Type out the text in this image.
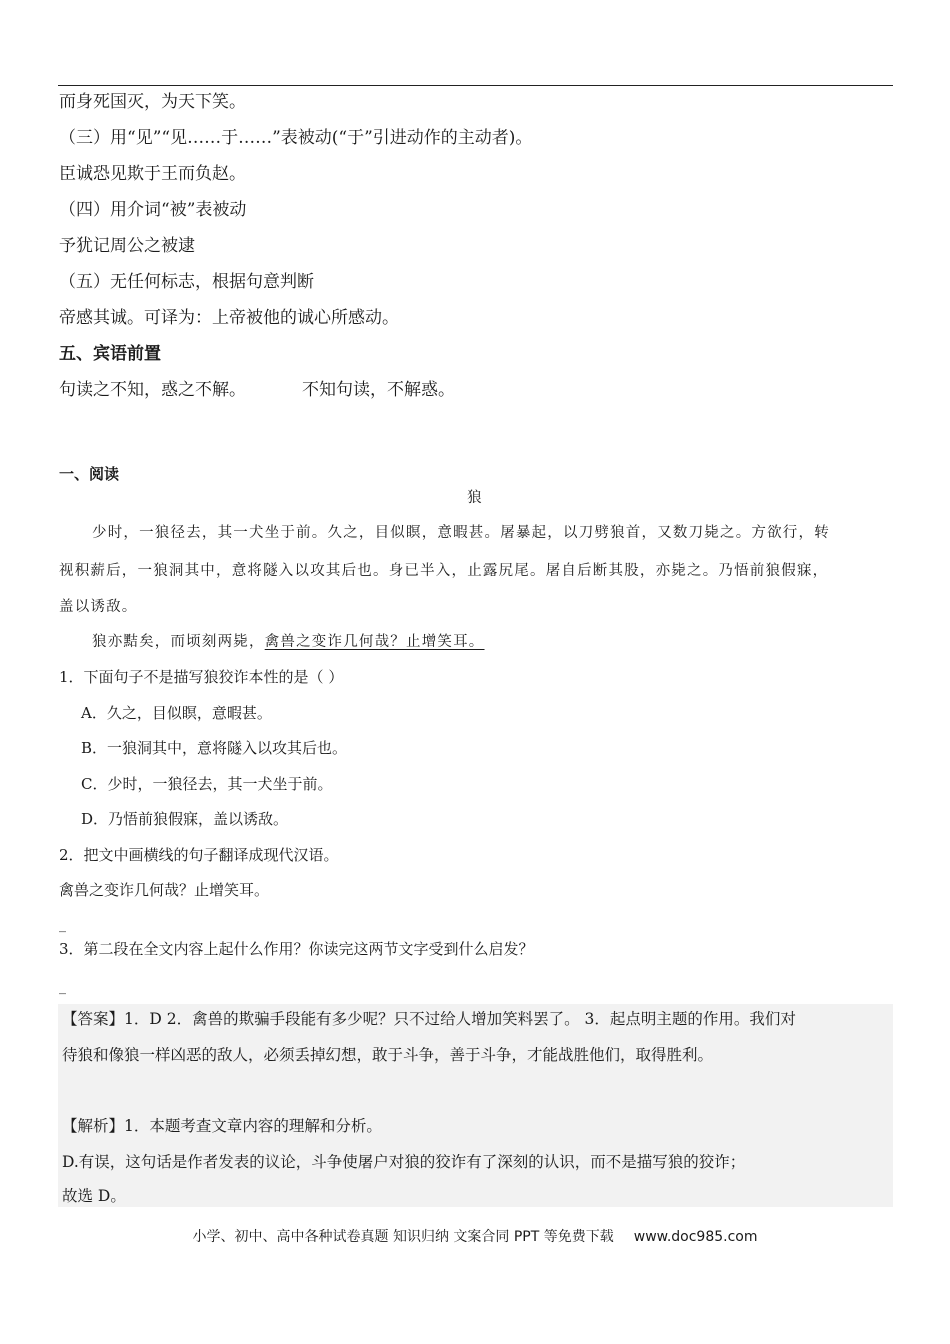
而身死国灭，为天下笑。
（三）用“见”“见……于……”表被动(“于”引进动作的主动者)。
臣诚恐见欺于王而负赵。
（四）用介词“被”表被动
予犹记周公之被逮
（五）无任何标志，根据句意判断
帝感其诚。可译为：上帝被他的诚心所感动。
五、宾语前置
句读之不知，惑之不解。	不知句读，不解惑。
一、阅读
狼
少时，一狼径去，其一犬坐于前。久之，目似瞑，意暇甚。屠暴起，以刀劈狼首，又数刀毙之。方欲行，转
视积薪后，一狼洞其中，意将隧入以攻其后也。身已半入，止露尻尾。屠自后断其股，亦毙之。乃悟前狼假寐，
盖以诱敌。
狼亦黠矣，而顷刻两毙，禽兽之变诈几何哉？止增笑耳。
1．下面句子不是描写狼狡诈本性的是（ ）
A．久之，目似瞑，意暇甚。
B．一狼洞其中，意将隧入以攻其后也。
C．少时，一狼径去，其一犬坐于前。
D．乃悟前狼假寐，盖以诱敌。
2．把文中画横线的句子翻译成现代汉语。
禽兽之变诈几何哉？止增笑耳。
_
3．第二段在全文内容上起什么作用？你读完这两节文字受到什么启发？
_
【答案】1．D 2．禽兽的欺骗手段能有多少呢？只不过给人增加笑料罢了。 3．起点明主题的作用。我们对
待狼和像狼一样凶恶的敌人，必须丢掉幻想，敢于斗争，善于斗争，才能战胜他们，取得胜利。
【解析】1．本题考查文章内容的理解和分析。
D.有误，这句话是作者发表的议论，斗争使屠户对狼的狡诈有了深刻的认识，而不是描写狼的狡诈；
故选 D。
小学、初中、高中各种试卷真题 知识归纳 文案合同 PPT 等免费下载 www.doc985.com
